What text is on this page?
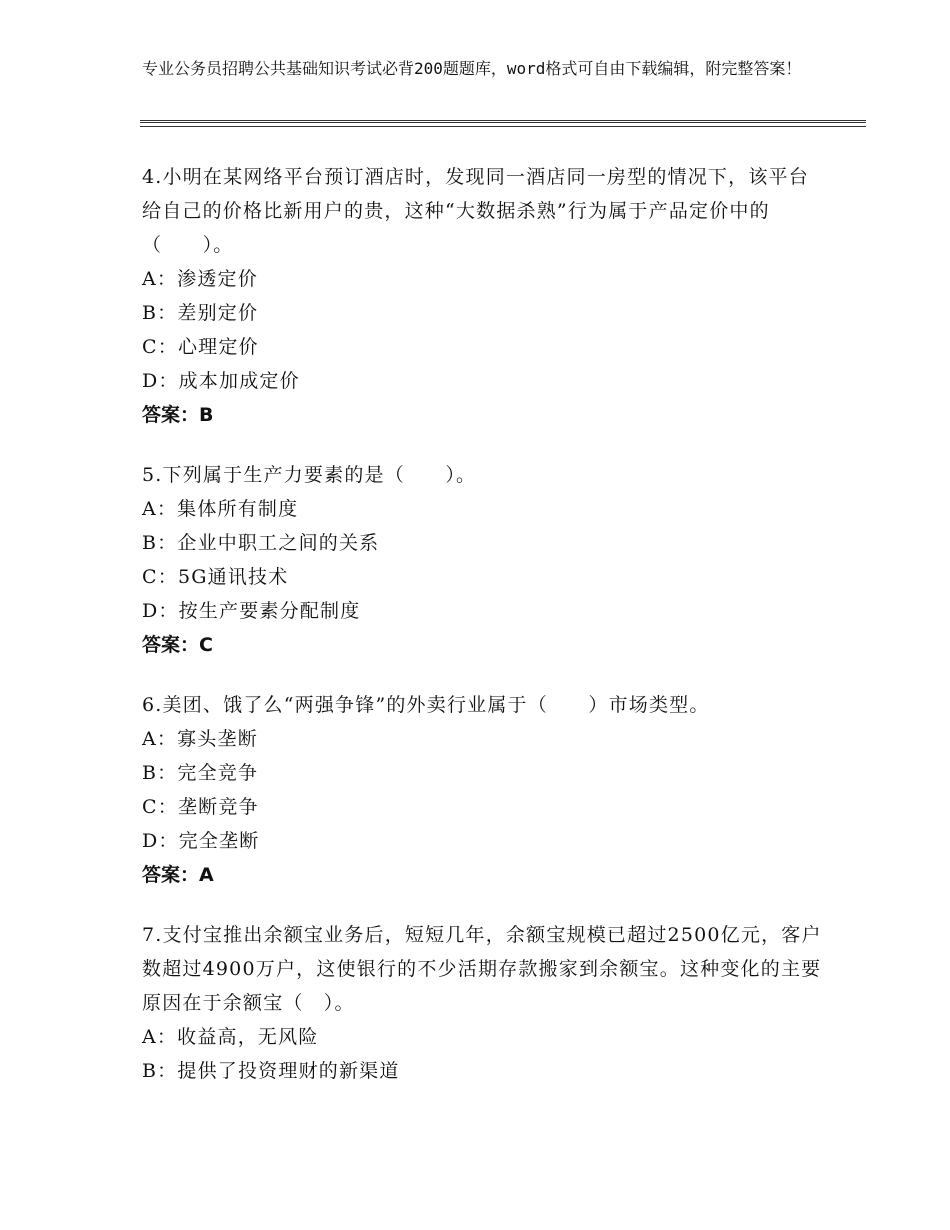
专业公务员招聘公共基础知识考试必背200题题库，word格式可自由下载编辑，附完整答案！

4.小明在某网络平台预订酒店时，发现同一酒店同一房型的情况下，该平台给自己的价格比新用户的贵，这种“大数据杀熟”行为属于产品定价中的（　　）。

A：渗透定价

B：差别定价

C：心理定价

D：成本加成定价

答案：B

5.下列属于生产力要素的是（　　）。

A：集体所有制度

B：企业中职工之间的关系

C：5G通讯技术

D：按生产要素分配制度

答案：C

6.美团、饿了么“两强争锋”的外卖行业属于（　　）市场类型。

A：寡头垄断

B：完全竞争

C：垄断竞争

D：完全垄断

答案：A

7.支付宝推出余额宝业务后，短短几年，余额宝规模已超过2500亿元，客户数超过4900万户，这使银行的不少活期存款搬家到余额宝。这种变化的主要原因在于余额宝（　）。

A：收益高，无风险

B：提供了投资理财的新渠道
